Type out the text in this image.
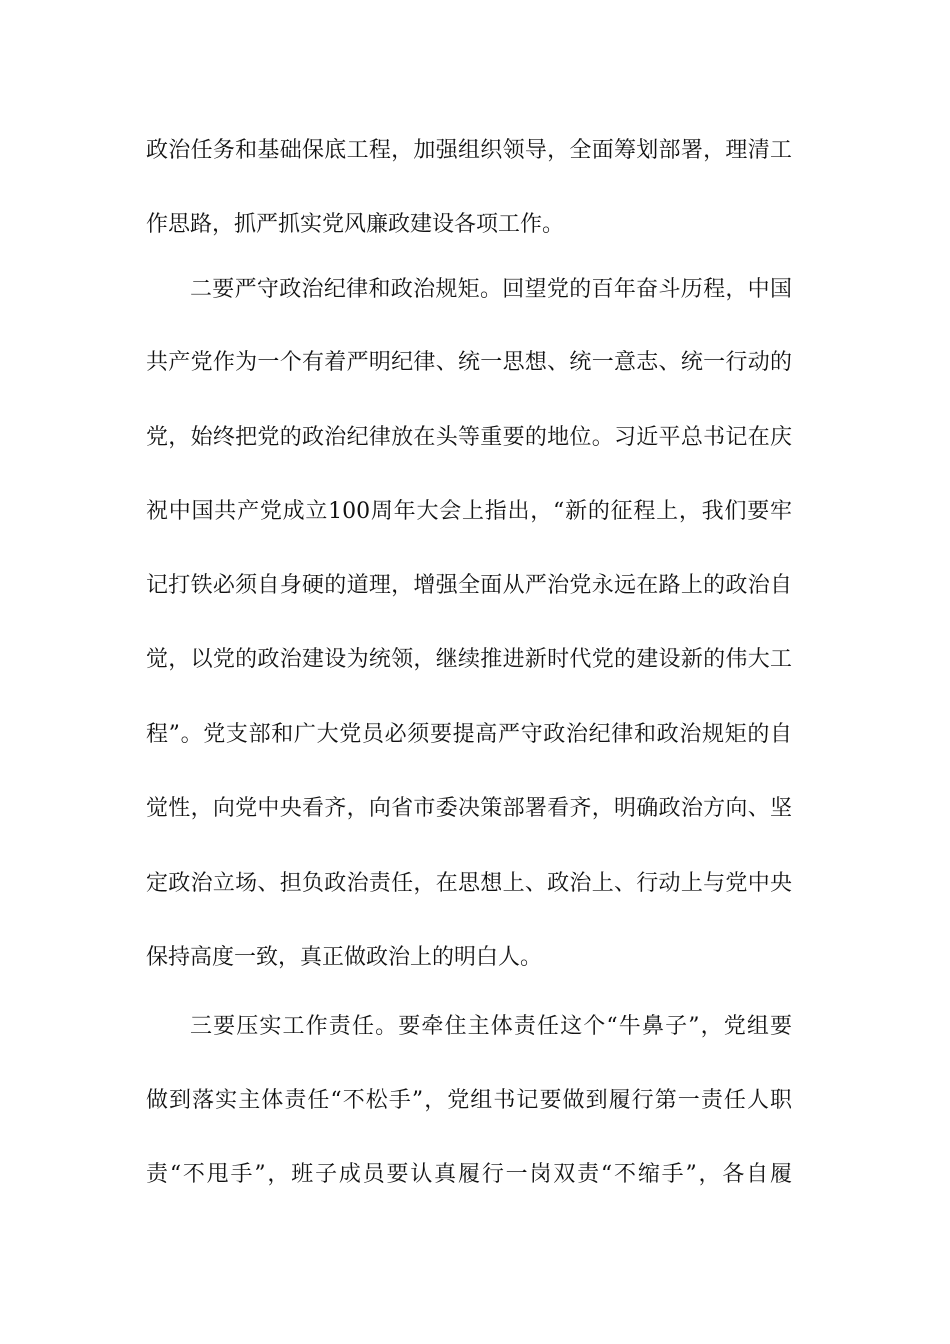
政治任务和基础保底工程，加强组织领导，全面筹划部署，理清工
作思路，抓严抓实党风廉政建设各项工作。
二要严守政治纪律和政治规矩。回望党的百年奋斗历程，中国
共产党作为一个有着严明纪律、统一思想、统一意志、统一行动的
党，始终把党的政治纪律放在头等重要的地位。习近平总书记在庆
祝中国共产党成立100周年大会上指出，“新的征程上，我们要牢
记打铁必须自身硬的道理，增强全面从严治党永远在路上的政治自
觉，以党的政治建设为统领，继续推进新时代党的建设新的伟大工
程”。党支部和广大党员必须要提高严守政治纪律和政治规矩的自
觉性，向党中央看齐，向省市委决策部署看齐，明确政治方向、坚
定政治立场、担负政治责任，在思想上、政治上、行动上与党中央
保持高度一致，真正做政治上的明白人。
三要压实工作责任。要牵住主体责任这个“牛鼻子”，党组要
做到落实主体责任“不松手”，党组书记要做到履行第一责任人职
责“不甩手”，班子成员要认真履行一岗双责“不缩手”，各自履
